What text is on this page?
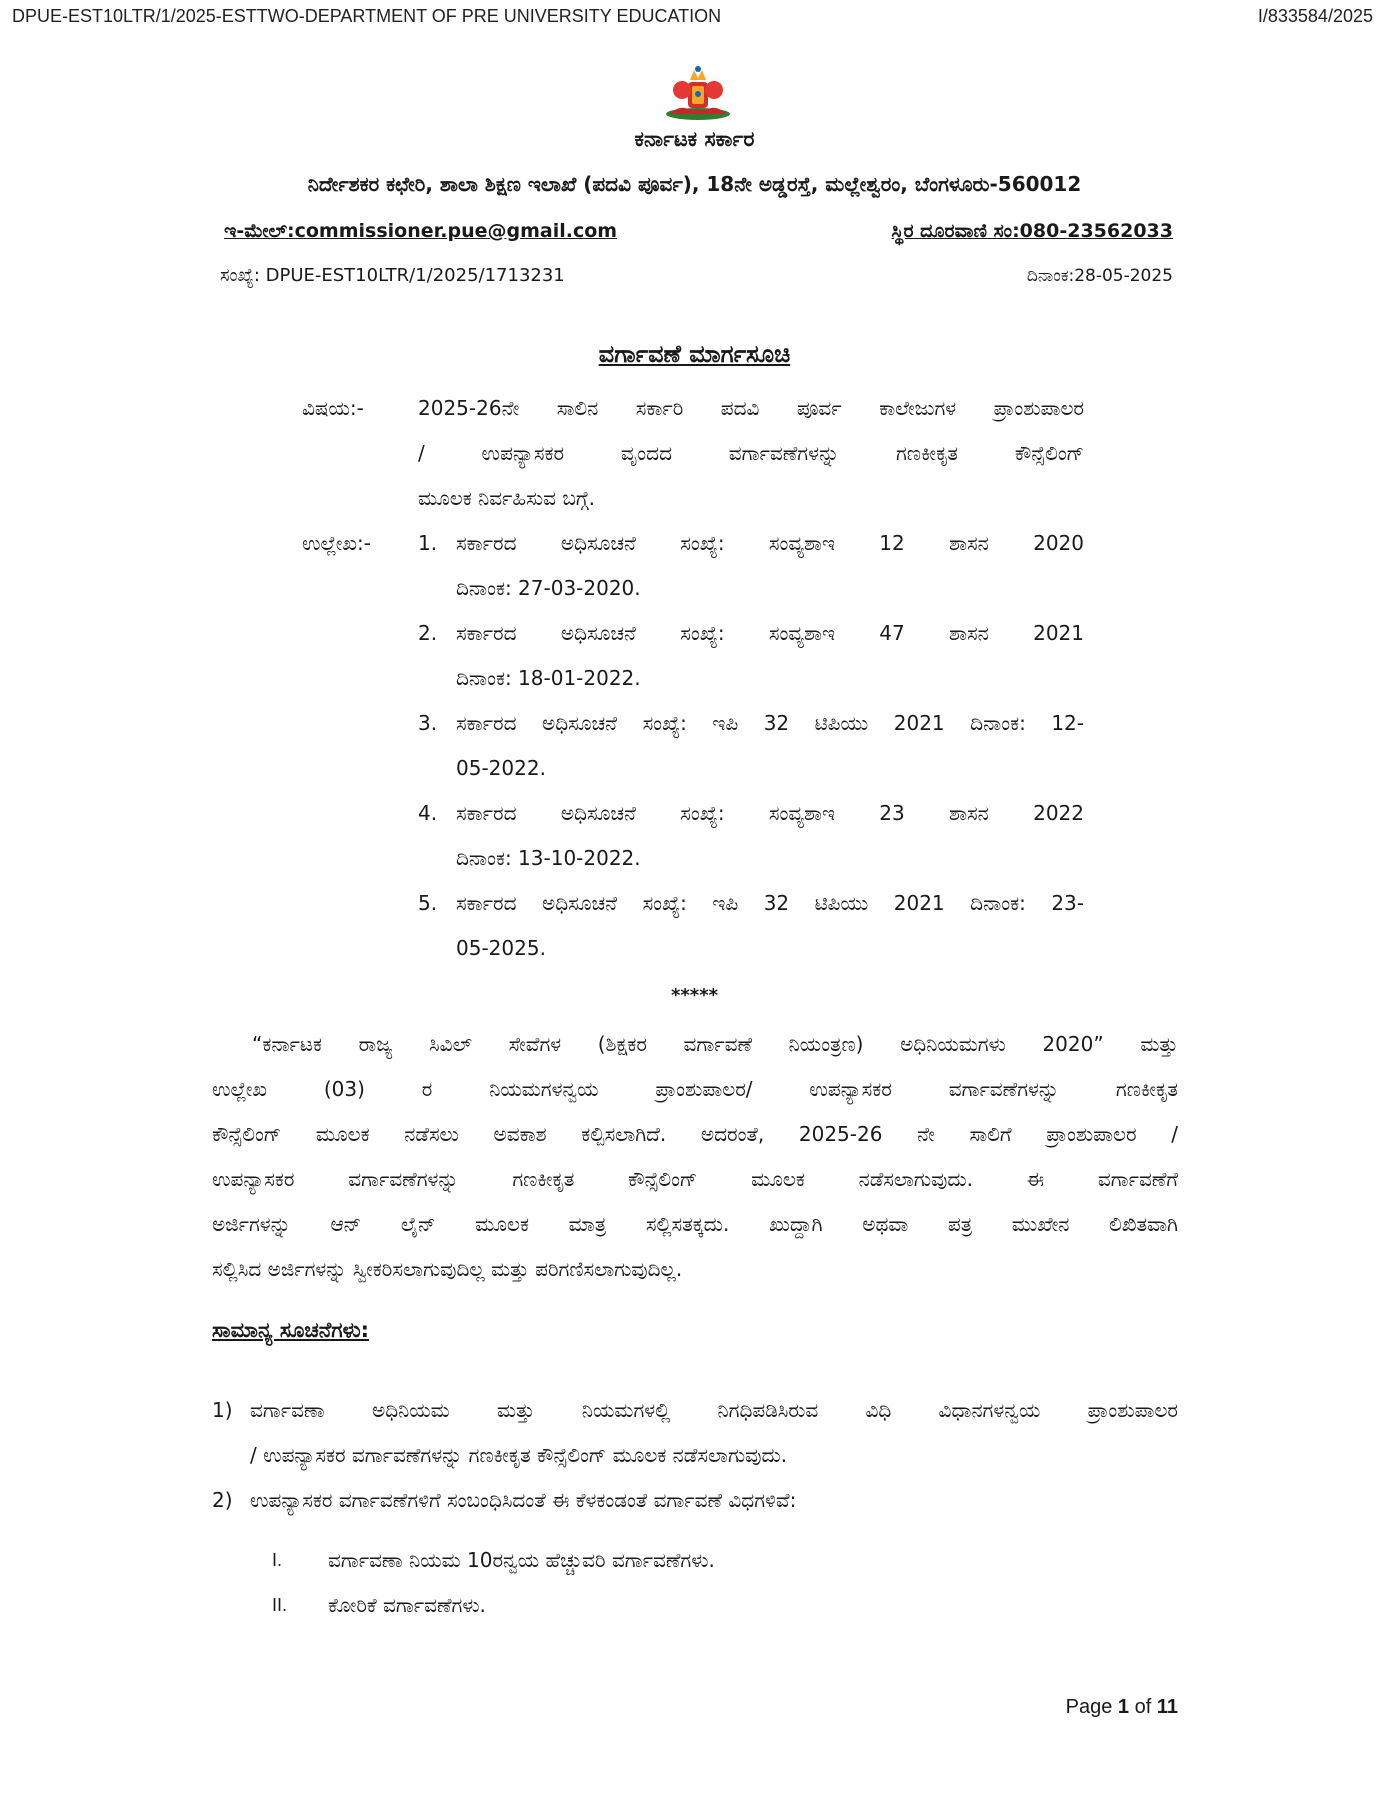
DPUE-EST10LTR/1/2025-ESTTWO-DEPARTMENT OF PRE UNIVERSITY EDUCATION	I/833584/2025
ಕರ್ನಾಟಕ ಸರ್ಕಾರ
ನಿರ್ದೇಶಕರ ಕಛೇರಿ, ಶಾಲಾ ಶಿಕ್ಷಣ ಇಲಾಖೆ (ಪದವಿ ಪೂರ್ವ), 18ನೇ ಅಡ್ಡರಸ್ತೆ, ಮಲ್ಲೇಶ್ವರಂ, ಬೆಂಗಳೂರು-560012
ಇ-ಮೇಲ್:commissioner.pue@gmail.com	ಸ್ಥಿರ ದೂರವಾಣಿ ಸಂ:080-23562033
ಸಂಖ್ಯೆ: DPUE-EST10LTR/1/2025/1713231	ದಿನಾಂಕ:28-05-2025
ವರ್ಗಾವಣೆ ಮಾರ್ಗಸೂಚಿ
ವಿಷಯ:-	2025-26ನೇ ಸಾಲಿನ ಸರ್ಕಾರಿ ಪದವಿ ಪೂರ್ವ ಕಾಲೇಜುಗಳ ಪ್ರಾಂಶುಪಾಲರ
/ ಉಪನ್ಯಾಸಕರ ವೃಂದದ ವರ್ಗಾವಣೆಗಳನ್ನು ಗಣಕೀಕೃತ ಕೌನ್ಸೆಲಿಂಗ್
ಮೂಲಕ ನಿರ್ವಹಿಸುವ ಬಗ್ಗೆ.
ಉಲ್ಲೇಖ:- 1. ಸರ್ಕಾರದ ಅಧಿಸೂಚನೆ ಸಂಖ್ಯೆ: ಸಂವ್ಯಶಾಇ 12 ಶಾಸನ 2020
ದಿನಾಂಕ: 27-03-2020.
2. ಸರ್ಕಾರದ ಅಧಿಸೂಚನೆ ಸಂಖ್ಯೆ: ಸಂವ್ಯಶಾಇ 47 ಶಾಸನ 2021
ದಿನಾಂಕ: 18-01-2022.
3. ಸರ್ಕಾರದ ಅಧಿಸೂಚನೆ ಸಂಖ್ಯೆ: ಇಪಿ 32 ಟಿಪಿಯು 2021 ದಿನಾಂಕ: 12-
05-2022.
4. ಸರ್ಕಾರದ ಅಧಿಸೂಚನೆ ಸಂಖ್ಯೆ: ಸಂವ್ಯಶಾಇ 23 ಶಾಸನ 2022
ದಿನಾಂಕ: 13-10-2022.
5. ಸರ್ಕಾರದ ಅಧಿಸೂಚನೆ ಸಂಖ್ಯೆ: ಇಪಿ 32 ಟಿಪಿಯು 2021 ದಿನಾಂಕ: 23-
05-2025.
*****
“ಕರ್ನಾಟಕ ರಾಜ್ಯ ಸಿವಿಲ್ ಸೇವೆಗಳ (ಶಿಕ್ಷಕರ ವರ್ಗಾವಣೆ ನಿಯಂತ್ರಣ) ಅಧಿನಿಯಮಗಳು 2020” ಮತ್ತು
ಉಲ್ಲೇಖ (03) ರ ನಿಯಮಗಳನ್ವಯ ಪ್ರಾಂಶುಪಾಲರ/ ಉಪನ್ಯಾಸಕರ ವರ್ಗಾವಣೆಗಳನ್ನು ಗಣಕೀಕೃತ
ಕೌನ್ಸೆಲಿಂಗ್ ಮೂಲಕ ನಡೆಸಲು ಅವಕಾಶ ಕಲ್ಪಿಸಲಾಗಿದೆ. ಅದರಂತೆ, 2025-26 ನೇ ಸಾಲಿಗೆ ಪ್ರಾಂಶುಪಾಲರ /
ಉಪನ್ಯಾಸಕರ ವರ್ಗಾವಣೆಗಳನ್ನು ಗಣಕೀಕೃತ ಕೌನ್ಸೆಲಿಂಗ್ ಮೂಲಕ ನಡೆಸಲಾಗುವುದು. ಈ ವರ್ಗಾವಣೆಗೆ
ಅರ್ಜಿಗಳನ್ನು ಆನ್ ಲೈನ್ ಮೂಲಕ ಮಾತ್ರ ಸಲ್ಲಿಸತಕ್ಕದು. ಖುದ್ದಾಗಿ ಅಥವಾ ಪತ್ರ ಮುಖೇನ ಲಿಖಿತವಾಗಿ
ಸಲ್ಲಿಸಿದ ಅರ್ಜಿಗಳನ್ನು ಸ್ವೀಕರಿಸಲಾಗುವುದಿಲ್ಲ ಮತ್ತು ಪರಿಗಣಿಸಲಾಗುವುದಿಲ್ಲ.
ಸಾಮಾನ್ಯ ಸೂಚನೆಗಳು:
1) ವರ್ಗಾವಣಾ ಅಧಿನಿಯಮ ಮತ್ತು ನಿಯಮಗಳಲ್ಲಿ ನಿಗಧಿಪಡಿಸಿರುವ ವಿಧಿ ವಿಧಾನಗಳನ್ವಯ ಪ್ರಾಂಶುಪಾಲರ
/ ಉಪನ್ಯಾಸಕರ ವರ್ಗಾವಣೆಗಳನ್ನು ಗಣಕೀಕೃತ ಕೌನ್ಸೆಲಿಂಗ್ ಮೂಲಕ ನಡೆಸಲಾಗುವುದು.
2) ಉಪನ್ಯಾಸಕರ ವರ್ಗಾವಣೆಗಳಿಗೆ ಸಂಬಂಧಿಸಿದಂತೆ ಈ ಕೆಳಕಂಡಂತೆ ವರ್ಗಾವಣೆ ವಿಧಗಳಿವೆ:
I.	ವರ್ಗಾವಣಾ ನಿಯಮ 10ರನ್ವಯ ಹೆಚ್ಚುವರಿ ವರ್ಗಾವಣೆಗಳು.
II.	ಕೋರಿಕೆ ವರ್ಗಾವಣೆಗಳು.
Page 1 of 11
